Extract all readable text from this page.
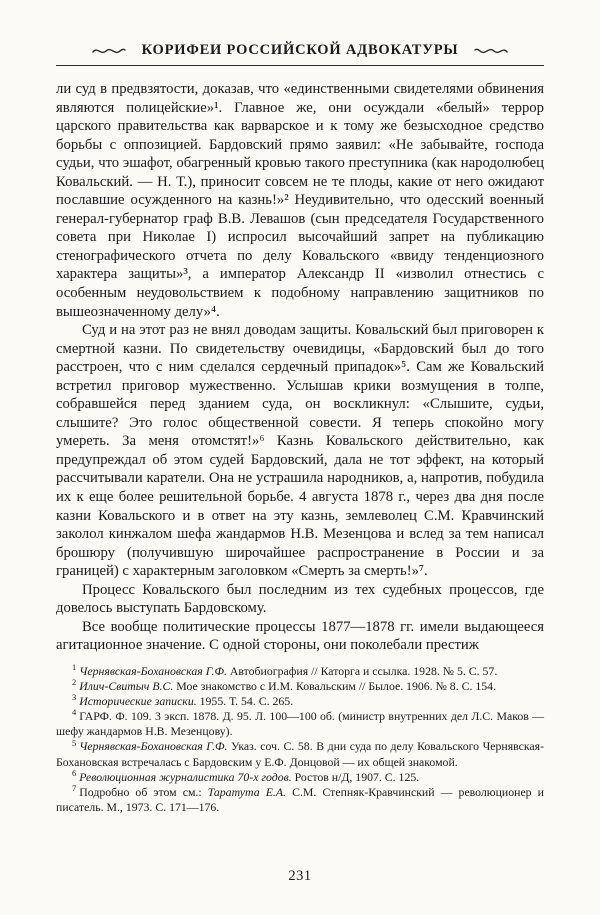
КОРИФЕИ РОССИЙСКОЙ АДВОКАТУРЫ

ли суд в предвзятости, доказав, что «единственными свидетелями обвинения являются полицейские»¹. Главное же, они осуждали «белый» террор царского правительства как варварское и к тому же безысходное средство борьбы с оппозицией. Бардовский прямо заявил: «Не забывайте, господа судьи, что эшафот, обагренный кровью такого преступника (как народолюбец Ковальский. — Н. Т.), приносит совсем не те плоды, какие от него ожидают пославшие осужденного на казнь!»² Неудивительно, что одесский военный генерал-губернатор граф В.В. Левашов (сын председателя Государственного совета при Николае I) испросил высочайший запрет на публикацию стенографического отчета по делу Ковальского «ввиду тенденциозного характера защиты»³, а император Александр II «изволил отнестись с особенным неудовольствием к подобному направлению защитников по вышеозначенному делу»⁴.

Суд и на этот раз не внял доводам защиты. Ковальский был приговорен к смертной казни. По свидетельству очевидицы, «Бардовский был до того расстроен, что с ним сделался сердечный припадок»⁵. Сам же Ковальский встретил приговор мужественно. Услышав крики возмущения в толпе, собравшейся перед зданием суда, он воскликнул: «Слышите, судьи, слышите? Это голос общественной совести. Я теперь спокойно могу умереть. За меня отомстят!»⁶ Казнь Ковальского действительно, как предупреждал об этом судей Бардовский, дала не тот эффект, на который рассчитывали каратели. Она не устрашила народников, а, напротив, побудила их к еще более решительной борьбе. 4 августа 1878 г., через два дня после казни Ковальского и в ответ на эту казнь, землеволец С.М. Кравчинский заколол кинжалом шефа жандармов Н.В. Мезенцова и вслед за тем написал брошюру (получившую широчайшее распространение в России и за границей) с характерным заголовком «Смерть за смерть!»⁷.

Процесс Ковальского был последним из тех судебных процессов, где довелось выступать Бардовскому.

Все вообще политические процессы 1877—1878 гг. имели выдающееся агитационное значение. С одной стороны, они поколебали престиж

$^1$ Чернявская-Бохановская Г.Ф. Автобиография // Каторга и ссылка. 1928. № 5. С. 57.

$^2$ Илич-Свитыч В.С. Мое знакомство с И.М. Ковальским // Былое. 1906. № 8. С. 154.

$^3$ Исторические записки. 1955. Т. 54. С. 265.

$^4$ ГАРФ. Ф. 109. 3 эксп. 1878. Д. 95. Л. 100—100 об. (министр внутренних дел Л.С. Маков — шефу жандармов Н.В. Мезенцову).

$^5$ Чернявская-Бохановская Г.Ф. Указ. соч. С. 58. В дни суда по делу Ковальского Чернявская-Бохановская встречалась с Бардовским у Е.Ф. Донцовой — их общей знакомой.

$^6$ Революционная журналистика 70-х годов. Ростов н/Д, 1907. С. 125.

$^7$ Подробно об этом см.: Таратута Е.А. С.М. Степняк-Кравчинский — революционер и писатель. М., 1973. С. 171—176.

231
